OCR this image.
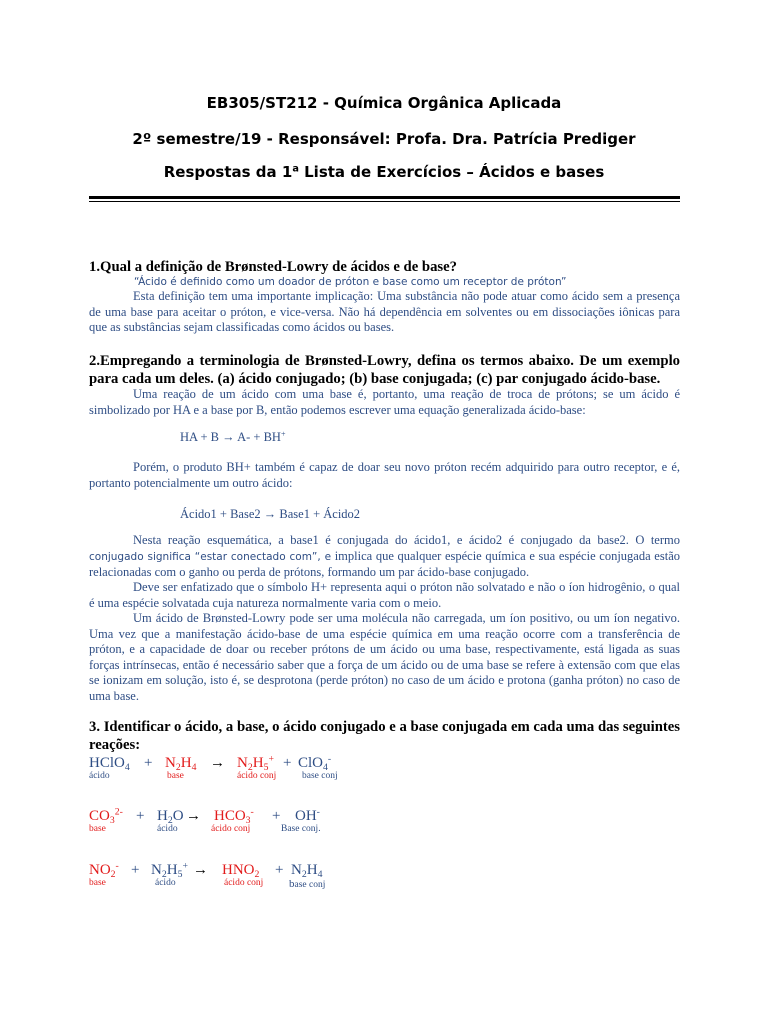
EB305/ST212 - Química Orgânica Aplicada
2º semestre/19 - Responsável: Profa. Dra. Patrícia Prediger
Respostas da 1$^a$ Lista de Exercícios – Ácidos e bases
1.Qual a definição de Brønsted-Lowry de ácidos e de base?
“Ácido é definido como um doador de próton e base como um receptor de próton”
Esta definição tem uma importante implicação: Uma substância não pode atuar como ácido sem a presença de uma base para aceitar o próton, e vice-versa. Não há dependência em solventes ou em dissociações iônicas para que as substâncias sejam classificadas como ácidos ou bases.
2.Empregando a terminologia de Brønsted-Lowry, defina os termos abaixo. De um exemplo para cada um deles. (a) ácido conjugado; (b) base conjugada; (c) par conjugado ácido-base.
Uma reação de um ácido com uma base é, portanto, uma reação de troca de prótons; se um ácido é simbolizado por HA e a base por B, então podemos escrever uma equação generalizada ácido-base:
HA + B → A- + BH+
Porém, o produto BH+ também é capaz de doar seu novo próton recém adquirido para outro receptor, e é, portanto potencialmente um outro ácido:
Ácido1 + Base2 → Base1 + Ácido2
Nesta reação esquemática, a base1 é conjugada do ácido1, e ácido2 é conjugado da base2. O termo conjugado significa “estar conectado com”, e implica que qualquer espécie química e sua espécie conjugada estão relacionadas com o ganho ou perda de prótons, formando um par ácido-base conjugado.
Deve ser enfatizado que o símbolo H+ representa aqui o próton não solvatado e não o íon hidrogênio, o qual é uma espécie solvatada cuja natureza normalmente varia com o meio.
Um ácido de Brønsted-Lowry pode ser uma molécula não carregada, um íon positivo, ou um íon negativo. Uma vez que a manifestação ácido-base de uma espécie química em uma reação ocorre com a transferência de próton, e a capacidade de doar ou receber prótons de um ácido ou uma base, respectivamente, está ligada as suas forças intrínsecas, então é necessário saber que a força de um ácido ou de uma base se refere à extensão com que elas se ionizam em solução, isto é, se desprotona (perde próton) no caso de um ácido e protona (ganha próton) no caso de uma base.
3. Identificar o ácido, a base, o ácido conjugado e a base conjugada em cada uma das seguintes reações:
HClO$_4$ + $N_2H_4 \to N_2H_5^+ + ClO_4^-$
ácido	base	ácido conj	base conj
$CO_3^{2-} + H_2O \to HCO_3^- + OH^-$
base	ácido	ácido conj	Base conj.
$NO_2^- + N_2H_5^+ \to HNO_2 + N_2H_4$
base	ácido	ácido conj base conj
